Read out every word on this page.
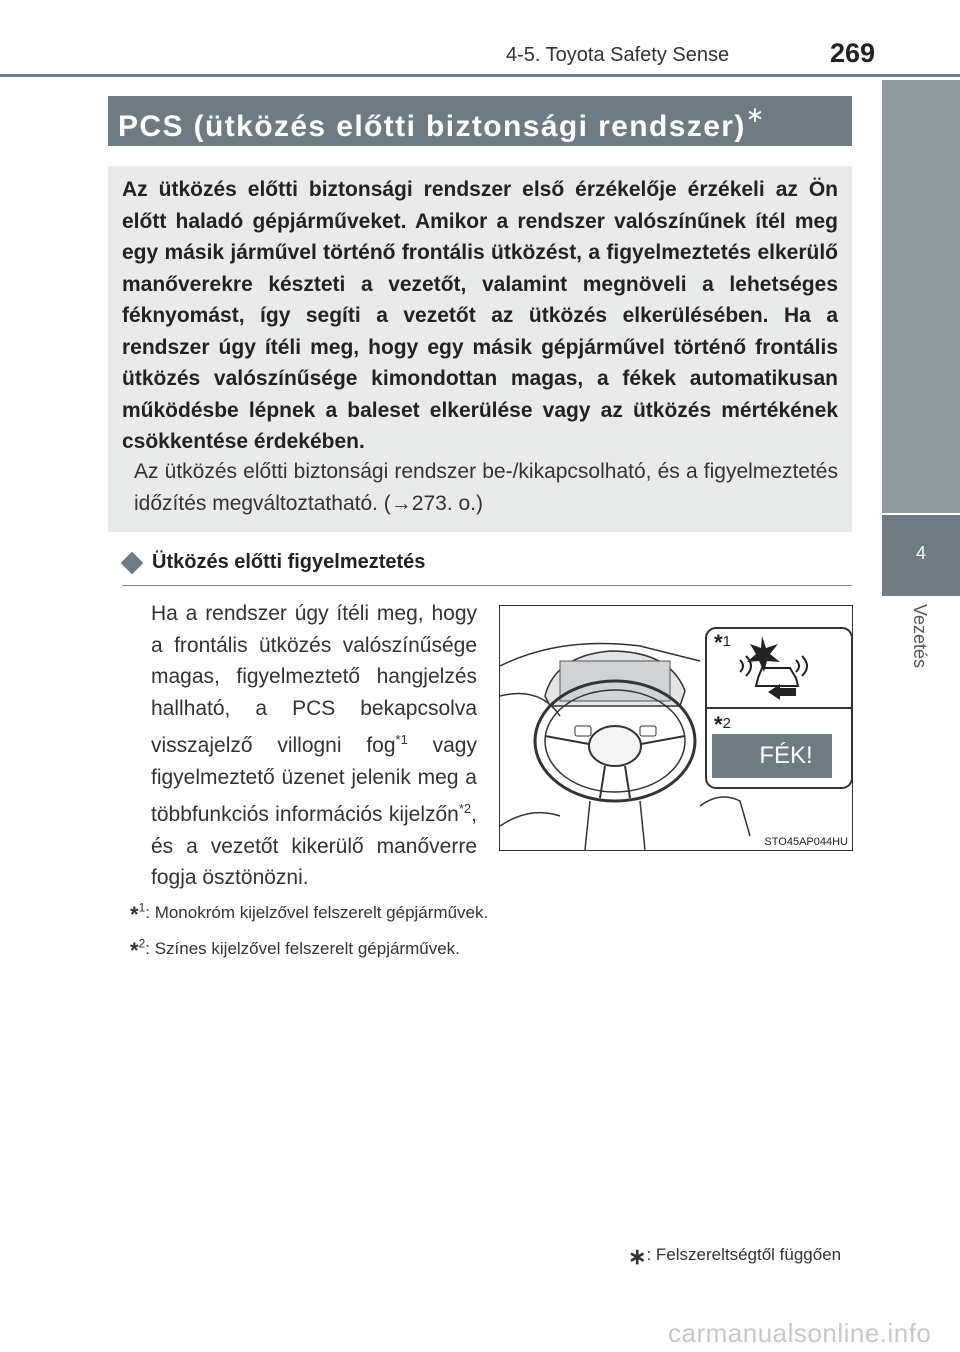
4-5. Toyota Safety Sense	269
4
Vezetés
PCS (ütközés előtti biztonsági rendszer)∗
Az ütközés előtti biztonsági rendszer első érzékelője érzékeli az Ön előtt haladó gépjárműveket. Amikor a rendszer valószínűnek ítél meg egy másik járművel történő frontális ütközést, a figyelmeztetés elkerülő manőverekre készteti a vezetőt, valamint megnöveli a lehetséges féknyomást, így segíti a vezetőt az ütközés elkerülésében. Ha a rendszer úgy ítéli meg, hogy egy másik gépjárművel történő frontális ütközés valószínűsége kimondottan magas, a fékek automatikusan működésbe lépnek a baleset elkerülése vagy az ütközés mértékének csökkentése érdekében.
Az ütközés előtti biztonsági rendszer be-/kikapcsolható, és a figyelmeztetés időzítés megváltoztatható. (→273. o.)
Ütközés előtti figyelmeztetés
Ha a rendszer úgy ítéli meg, hogy a frontális ütközés valószínűsége magas, figyelmeztető hangjelzés hallható, a PCS bekapcsolva visszajelző villogni fog$^{*1}$ vagy figyelmeztető üzenet jelenik meg a többfunkciós információs kijelzőn$^{*2}$, és a vezetőt kikerülő manőverre fogja ösztönözni.
*1
*2
FÉK!
STO45AP044HU
*$^1$: Monokróm kijelzővel felszerelt gépjárművek.
*$^2$: Színes kijelzővel felszerelt gépjárművek.
∗: Felszereltségtől függően
carmanualsonline.info
